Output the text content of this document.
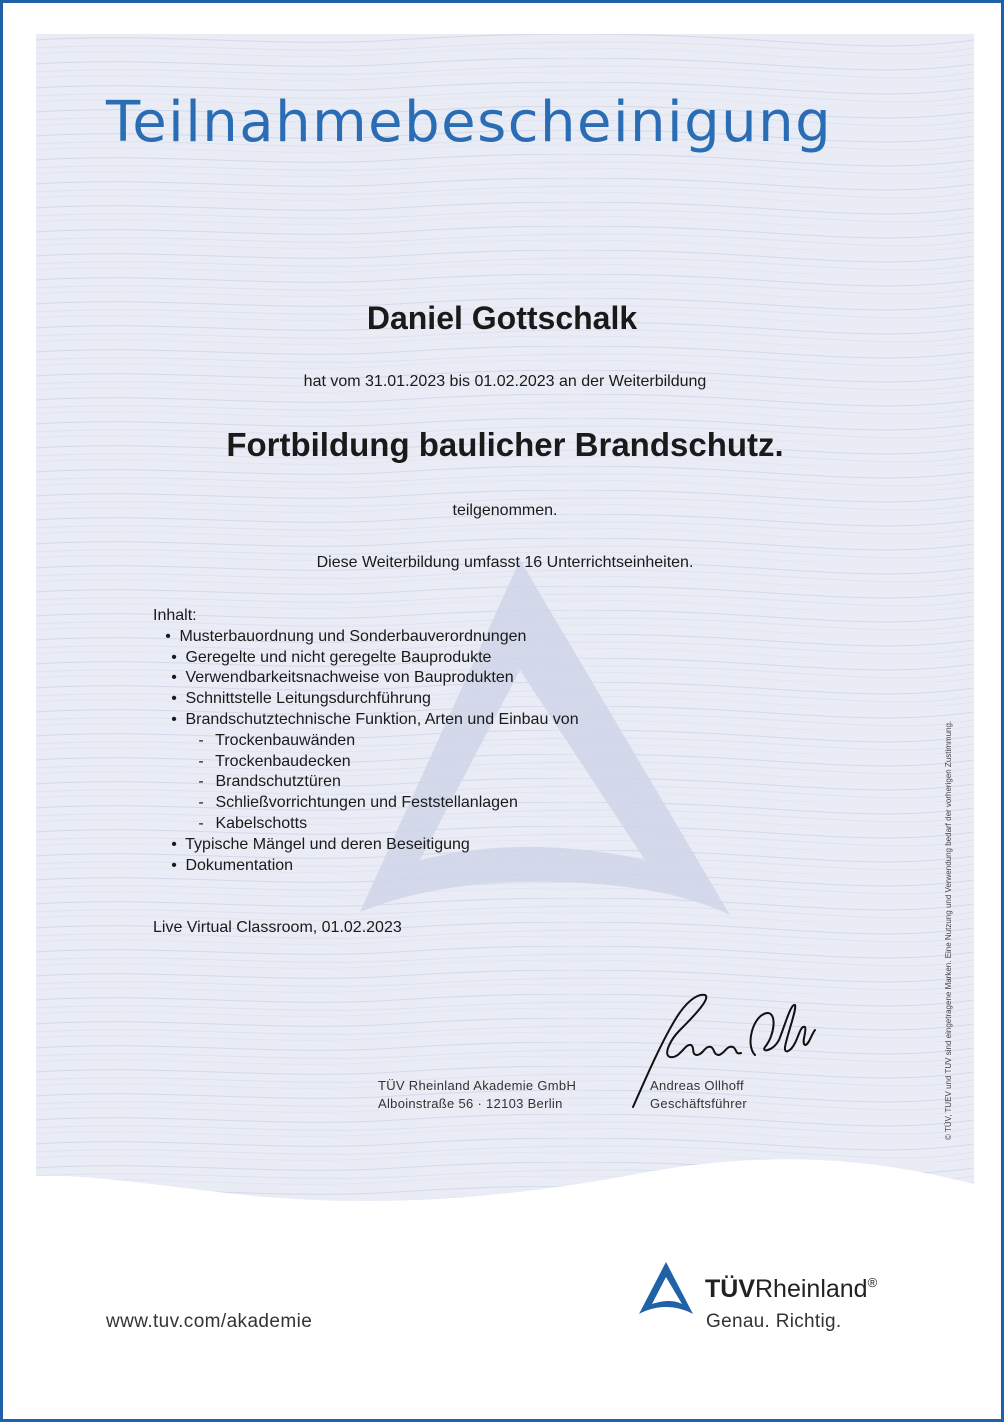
Teilnahmebescheinigung
Daniel Gottschalk
hat vom 31.01.2023 bis 01.02.2023 an der Weiterbildung
Fortbildung baulicher Brandschutz.
teilgenommen.
Diese Weiterbildung umfasst 16 Unterrichtseinheiten.
Inhalt:
• Musterbauordnung und Sonderbauverordnungen
• Geregelte und nicht geregelte Bauprodukte
• Verwendbarkeitsnachweise von Bauprodukten
• Schnittstelle Leitungsdurchführung
• Brandschutztechnische Funktion, Arten und Einbau von
- Trockenbauwänden
- Trockenbaudecken
- Brandschutztüren
- Schließvorrichtungen und Feststellanlagen
- Kabelschotts
• Typische Mängel und deren Beseitigung
• Dokumentation
Live Virtual Classroom, 01.02.2023
TÜV Rheinland Akademie GmbH
Alboinstraße 56 · 12103 Berlin
Andreas Ollhoff
Geschäftsführer	© TÜV, TUEV und TUV sind eingetragene Marken. Eine Nutzung und Verwendung bedarf der vorherigen Zustimmung.
www.tuv.com/akademie
TÜVRheinland®
Genau. Richtig.
